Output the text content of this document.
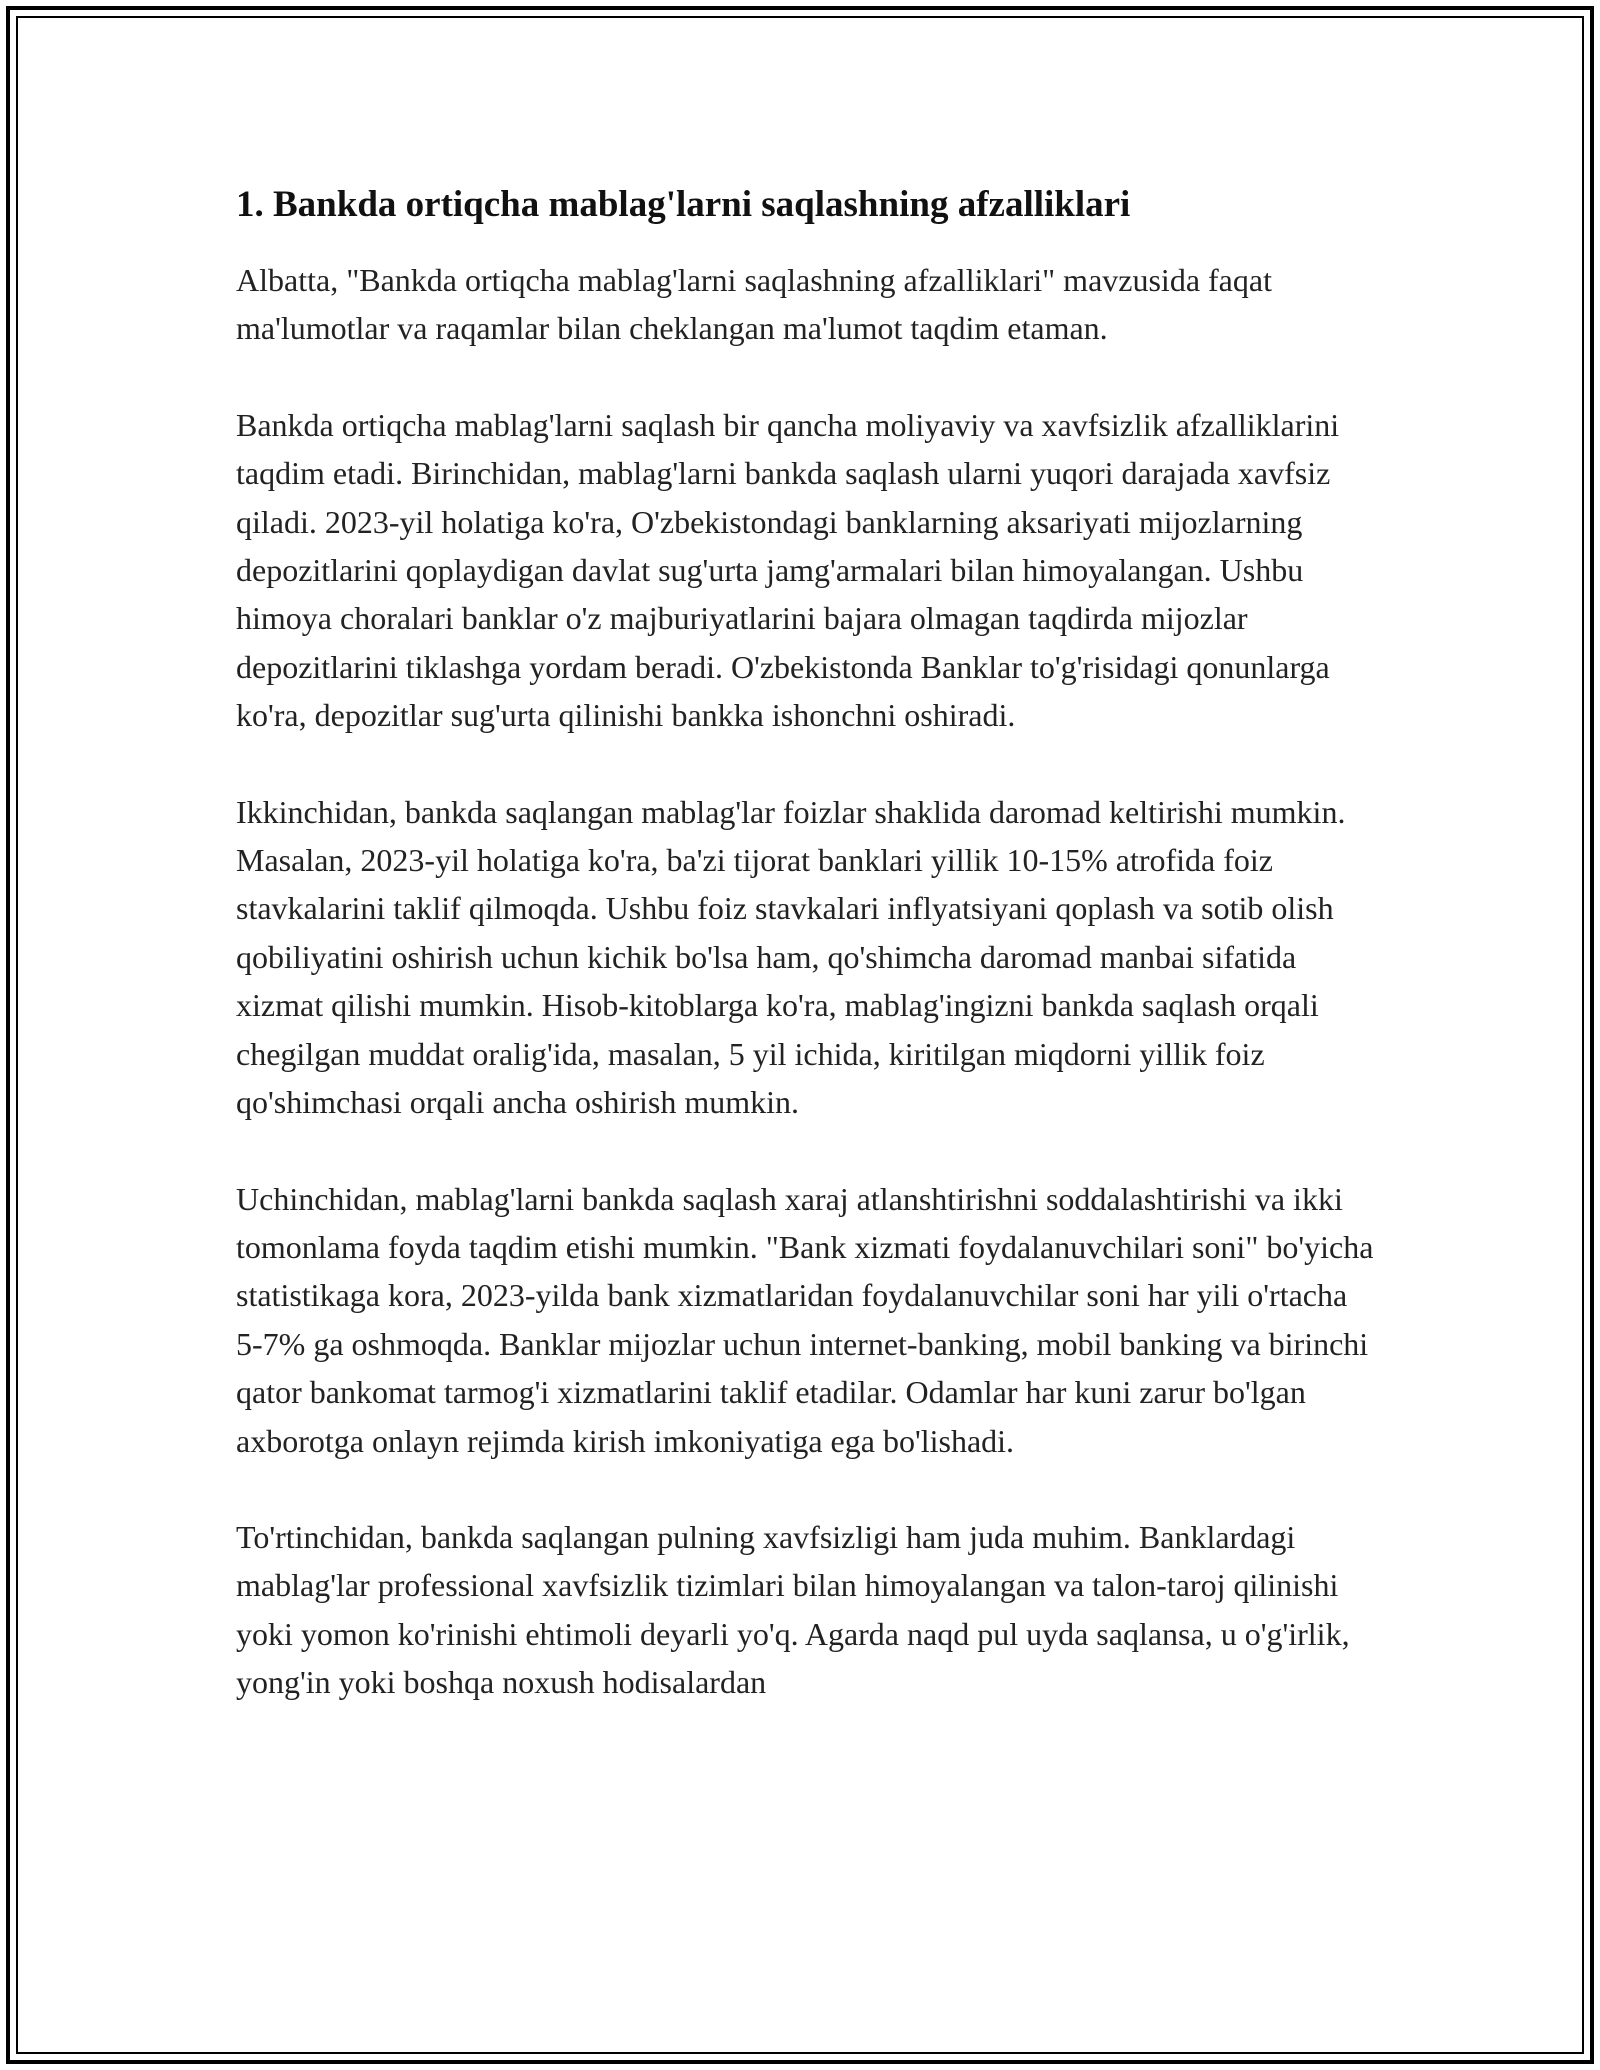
1. Bankda ortiqcha mablag'larni saqlashning afzalliklari

Albatta, "Bankda ortiqcha mablag'larni saqlashning afzalliklari" mavzusida faqat ma'lumotlar va raqamlar bilan cheklangan ma'lumot taqdim etaman.

Bankda ortiqcha mablag'larni saqlash bir qancha moliyaviy va xavfsizlik afzalliklarini taqdim etadi. Birinchidan, mablag'larni bankda saqlash ularni yuqori darajada xavfsiz qiladi. 2023-yil holatiga ko'ra, O'zbekistondagi banklarning aksariyati mijozlarning depozitlarini qoplaydigan davlat sug'urta jamg'armalari bilan himoyalangan. Ushbu himoya choralari banklar o'z majburiyatlarini bajara olmagan taqdirda mijozlar depozitlarini tiklashga yordam beradi. O'zbekistonda Banklar to'g'risidagi qonunlarga ko'ra, depozitlar sug'urta qilinishi bankka ishonchni oshiradi.

Ikkinchidan, bankda saqlangan mablag'lar foizlar shaklida daromad keltirishi mumkin. Masalan, 2023-yil holatiga ko'ra, ba'zi tijorat banklari yillik 10-15% atrofida foiz stavkalarini taklif qilmoqda. Ushbu foiz stavkalari inflyatsiyani qoplash va sotib olish qobiliyatini oshirish uchun kichik bo'lsa ham, qo'shimcha daromad manbai sifatida xizmat qilishi mumkin. Hisob-kitoblarga ko'ra, mablag'ingizni bankda saqlash orqali chegilgan muddat oralig'ida, masalan, 5 yil ichida, kiritilgan miqdorni yillik foiz qo'shimchasi orqali ancha oshirish mumkin.

Uchinchidan, mablag'larni bankda saqlash xaraj atlanshtirishni soddalashtirishi va ikki tomonlama foyda taqdim etishi mumkin. "Bank xizmati foydalanuvchilari soni" bo'yicha statistikaga kora, 2023-yilda bank xizmatlaridan foydalanuvchilar soni har yili o'rtacha 5-7% ga oshmoqda. Banklar mijozlar uchun internet-banking, mobil banking va birinchi qator bankomat tarmog'i xizmatlarini taklif etadilar. Odamlar har kuni zarur bo'lgan axborotga onlayn rejimda kirish imkoniyatiga ega bo'lishadi.

To'rtinchidan, bankda saqlangan pulning xavfsizligi ham juda muhim. Banklardagi mablag'lar professional xavfsizlik tizimlari bilan himoyalangan va talon-taroj qilinishi yoki yomon ko'rinishi ehtimoli deyarli yo'q. Agarda naqd pul uyda saqlansa, u o'g'irlik, yong'in yoki boshqa noxush hodisalardan
